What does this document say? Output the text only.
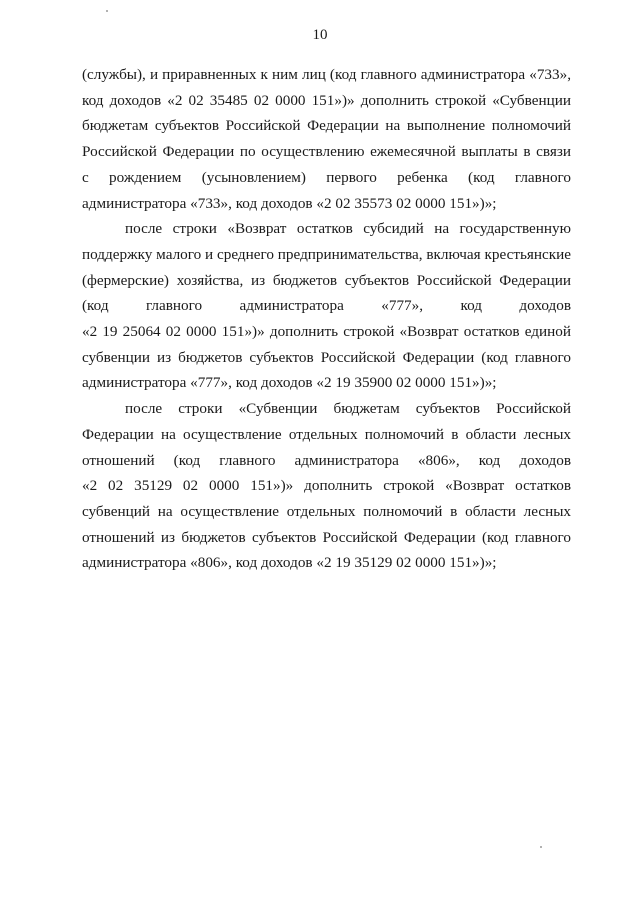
10

(службы), и приравненных к ним лиц (код главного администратора «733»,
код доходов «2 02 35485 02 0000 151»)» дополнить строкой «Субвенции
бюджетам субъектов Российской Федерации на выполнение полномочий
Российской Федерации по осуществлению ежемесячной выплаты в связи
с рождением (усыновлением) первого ребенка (код главного
администратора «733», код доходов «2 02 35573 02 0000 151»)»;

после строки «Возврат остатков субсидий на государственную
поддержку малого и среднего предпринимательства, включая крестьянские
(фермерские) хозяйства, из бюджетов субъектов Российской Федерации
(код главного администратора «777», код доходов
«2 19 25064 02 0000 151»)» дополнить строкой «Возврат остатков единой
субвенции из бюджетов субъектов Российской Федерации (код главного
администратора «777», код доходов «2 19 35900 02 0000 151»)»;

после строки «Субвенции бюджетам субъектов Российской
Федерации на осуществление отдельных полномочий в области лесных
отношений (код главного администратора «806», код доходов
«2 02 35129 02 0000 151»)» дополнить строкой «Возврат остатков
субвенций на осуществление отдельных полномочий в области лесных
отношений из бюджетов субъектов Российской Федерации (код главного
администратора «806», код доходов «2 19 35129 02 0000 151»)»;
